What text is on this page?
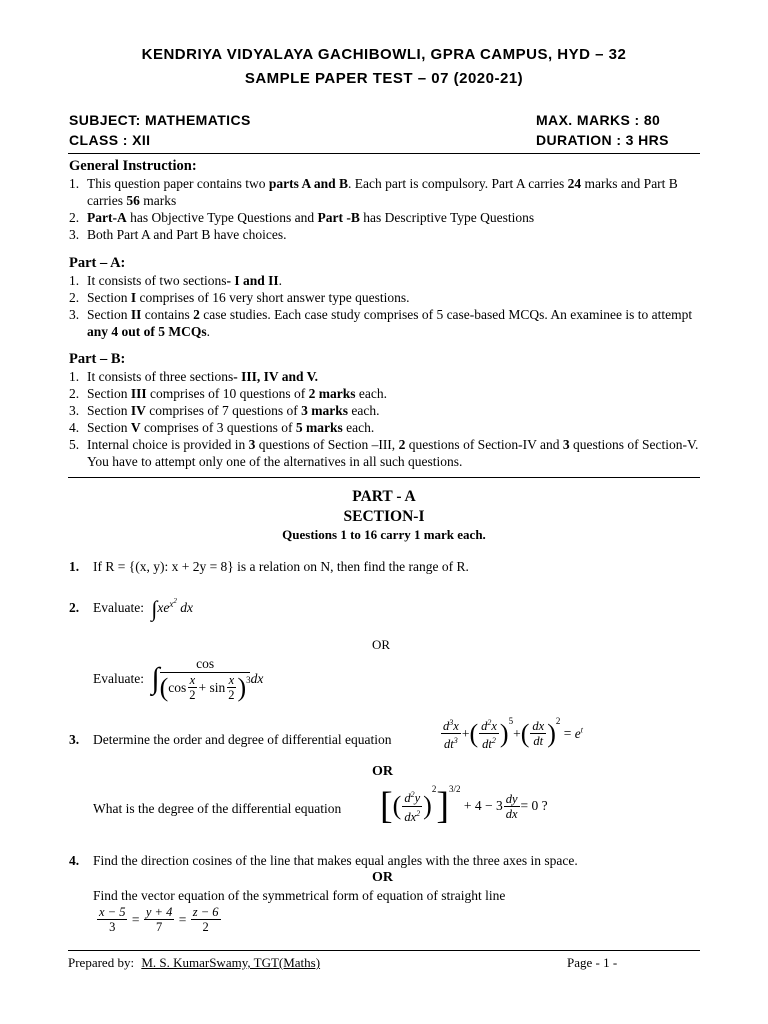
KENDRIYA VIDYALAYA GACHIBOWLI, GPRA CAMPUS, HYD – 32
SAMPLE PAPER TEST – 07 (2020-21)
SUBJECT: MATHEMATICS
CLASS : XII
MAX. MARKS : 80
DURATION : 3 HRS
General Instruction:
1. This question paper contains two parts A and B. Each part is compulsory. Part A carries 24 marks and Part B carries 56 marks
2. Part-A has Objective Type Questions and Part -B has Descriptive Type Questions
3. Both Part A and Part B have choices.
Part – A:
1. It consists of two sections- I and II.
2. Section I comprises of 16 very short answer type questions.
3. Section II contains 2 case studies. Each case study comprises of 5 case-based MCQs. An examinee is to attempt any 4 out of 5 MCQs.
Part – B:
1. It consists of three sections- III, IV and V.
2. Section III comprises of 10 questions of 2 marks each.
3. Section IV comprises of 7 questions of 3 marks each.
4. Section V comprises of 3 questions of 5 marks each.
5. Internal choice is provided in 3 questions of Section –III, 2 questions of Section-IV and 3 questions of Section-V. You have to attempt only one of the alternatives in all such questions.
PART - A
SECTION-I
Questions 1 to 16 carry 1 mark each.
1. If R = {(x, y): x + 2y = 8} is a relation on N, then find the range of R.
2. Evaluate: $\int xe^{x^2}$ dx
OR
Evaluate: ∫	cos
( $\cos \frac{x}{2} + \sin \frac{x}{2} )^3$ dx
3. Determine the order and degree of differential equation	$\frac{d^3x}{dt^3}$ + ( $\frac{d^2x}{dt^2} )^5$
+ ( $\frac{dx}{dt} )^2$
= $e^t$
OR
What is the degree of the differential equation [ ( $\frac{d^2y}{dx^2}$ )
$^2$ ]$^{3/2}$
+ $4 - 3 \frac{dy}{dx} = 0$ ?
4. Find the direction cosines of the line that makes equal angles with the three axes in space.
OR
Find the vector equation of the symmetrical form of equation of straight line
$\frac{x - 5}{3} = \frac{y + 4}{7} = \frac{z - 6}{2}$
Prepared by: M. S. KumarSwamy, TGT(Maths)	Page - 1 -
